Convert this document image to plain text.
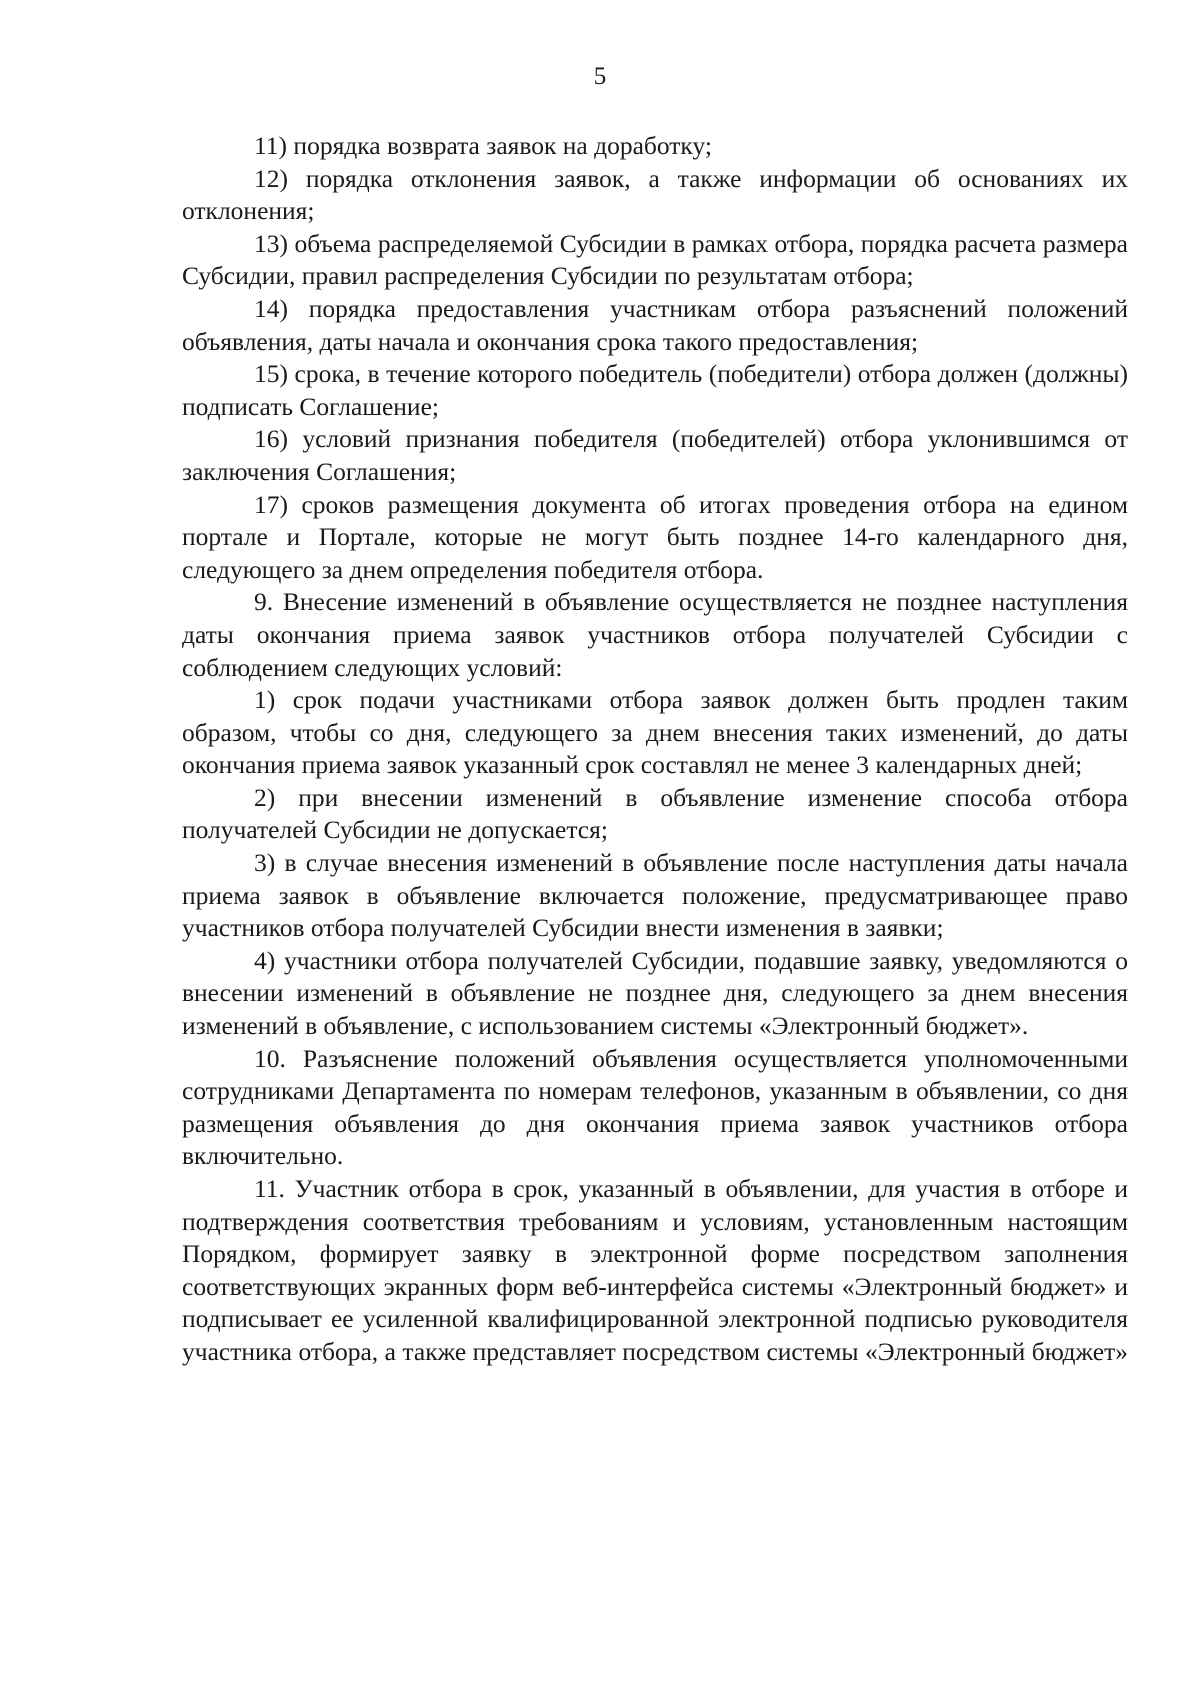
5

11) порядка возврата заявок на доработку;

12) порядка отклонения заявок, а также информации об основаниях их отклонения;

13) объема распределяемой Субсидии в рамках отбора, порядка расчета размера Субсидии, правил распределения Субсидии по результатам отбора;

14) порядка предоставления участникам отбора разъяснений положений объявления, даты начала и окончания срока такого предоставления;

15) срока, в течение которого победитель (победители) отбора должен (должны) подписать Соглашение;

16) условий признания победителя (победителей) отбора уклонившимся от заключения Соглашения;

17) сроков размещения документа об итогах проведения отбора на едином портале и Портале, которые не могут быть позднее 14-го календарного дня, следующего за днем определения победителя отбора.

9. Внесение изменений в объявление осуществляется не позднее наступления даты окончания приема заявок участников отбора получателей Субсидии с соблюдением следующих условий:

1) срок подачи участниками отбора заявок должен быть продлен таким образом, чтобы со дня, следующего за днем внесения таких изменений, до даты окончания приема заявок указанный срок составлял не менее 3 календарных дней;

2) при внесении изменений в объявление изменение способа отбора получателей Субсидии не допускается;

3) в случае внесения изменений в объявление после наступления даты начала приема заявок в объявление включается положение, предусматривающее право участников отбора получателей Субсидии внести изменения в заявки;

4) участники отбора получателей Субсидии, подавшие заявку, уведомляются о внесении изменений в объявление не позднее дня, следующего за днем внесения изменений в объявление, с использованием системы «Электронный бюджет».

10. Разъяснение положений объявления осуществляется уполномоченными сотрудниками Департамента по номерам телефонов, указанным в объявлении, со дня размещения объявления до дня окончания приема заявок участников отбора включительно.

11. Участник отбора в срок, указанный в объявлении, для участия в отборе и подтверждения соответствия требованиям и условиям, установленным настоящим Порядком, формирует заявку в электронной форме посредством заполнения соответствующих экранных форм веб-интерфейса системы «Электронный бюджет» и подписывает ее усиленной квалифицированной электронной подписью руководителя участника отбора, а также представляет посредством системы «Электронный бюджет»
